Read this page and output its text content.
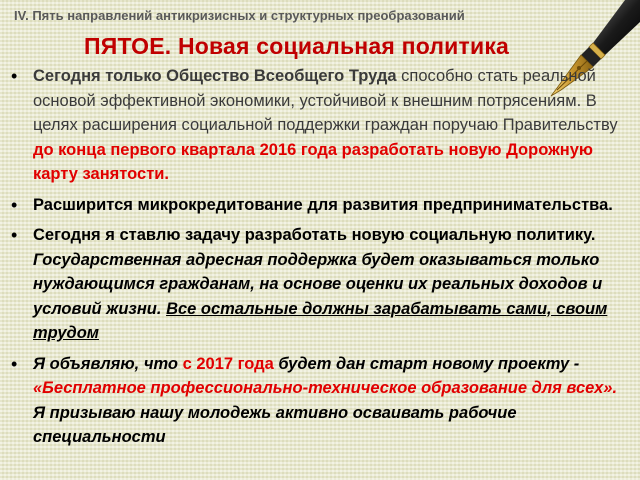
IV. Пять направлений антикризисных и структурных преобразований
ПЯТОЕ. Новая социальная политика
• Сегодня только Общество Всеобщего Труда способно стать реальной основой эффективной экономики, устойчивой к внешним потрясениям. В целях расширения социальной поддержки граждан поручаю Правительству до конца первого квартала 2016 года разработать новую Дорожную карту занятости.
• Расширится микрокредитование для развития предпринимательства.
• Сегодня я ставлю задачу разработать новую социальную политику. Государственная адресная поддержка будет оказываться только нуждающимся гражданам, на основе оценки их реальных доходов и условий жизни. Все остальные должны зарабатывать сами, своим трудом
• Я объявляю, что с 2017 года будет дан старт новому проекту - «Бесплатное профессионально-техническое образование для всех». Я призываю нашу молодежь активно осваивать рабочие специальности
